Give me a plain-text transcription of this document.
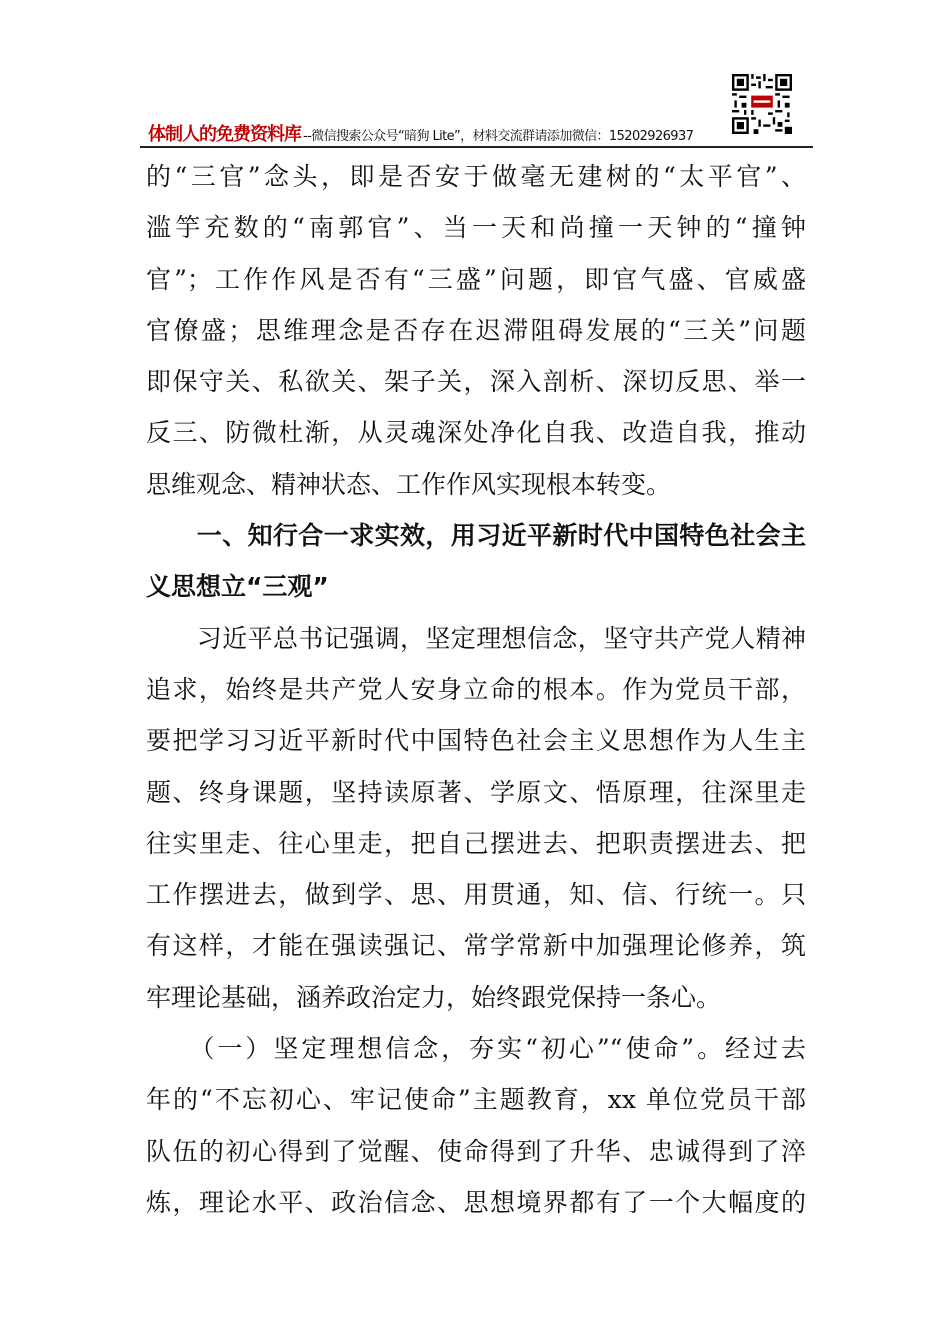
体制人的免费资料库 --微信搜索公众号“暗狗 Lite”，材料交流群请添加微信：15202926937
的“三官”念头，即是否安于做毫无建树的“太平官”、
滥竽充数的“南郭官”、当一天和尚撞一天钟的“撞钟
官”；工作作风是否有“三盛”问题，即官气盛、官威盛
官僚盛；思维理念是否存在迟滞阻碍发展的“三关”问题
即保守关、私欲关、架子关，深入剖析、深切反思、举一
反三、防微杜渐，从灵魂深处净化自我、改造自我，推动
思维观念、精神状态、工作作风实现根本转变。
　　一、知行合一求实效，用习近平新时代中国特色社会主
义思想立“三观”
　　习近平总书记强调，坚定理想信念，坚守共产党人精神
追求，始终是共产党人安身立命的根本。作为党员干部，
要把学习习近平新时代中国特色社会主义思想作为人生主
题、终身课题，坚持读原著、学原文、悟原理，往深里走
往实里走、往心里走，把自己摆进去、把职责摆进去、把
工作摆进去，做到学、思、用贯通，知、信、行统一。只
有这样，才能在强读强记、常学常新中加强理论修养，筑
牢理论基础，涵养政治定力，始终跟党保持一条心。
　　（一）坚定理想信念，夯实“初心”“使命”。经过去
年的“不忘初心、牢记使命”主题教育，xx 单位党员干部
队伍的初心得到了觉醒、使命得到了升华、忠诚得到了淬
炼，理论水平、政治信念、思想境界都有了一个大幅度的
